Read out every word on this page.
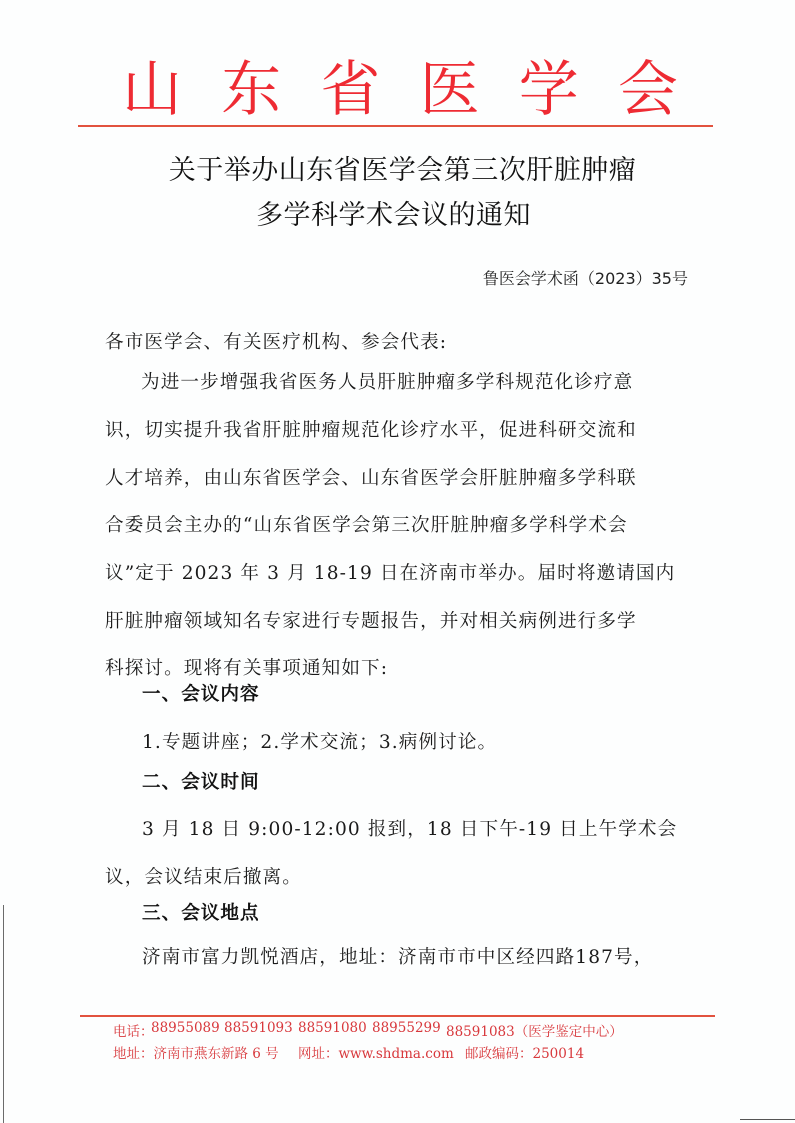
山 东 省 医 学 会
关于举办山东省医学会第三次肝脏肿瘤
多学科学术会议的通知
鲁医会学术函（2023）35号
各市医学会、有关医疗机构、参会代表:
为进一步增强我省医务人员肝脏肿瘤多学科规范化诊疗意
识，切实提升我省肝脏肿瘤规范化诊疗水平，促进科研交流和
人才培养，由山东省医学会、山东省医学会肝脏肿瘤多学科联
合委员会主办的“山东省医学会第三次肝脏肿瘤多学科学术会
议”定于 2023 年 3 月 18-19 日在济南市举办。届时将邀请国内
肝脏肿瘤领域知名专家进行专题报告，并对相关病例进行多学
科探讨。现将有关事项通知如下:
一、会议内容
1.专题讲座；2.学术交流；3.病例讨论。
二、会议时间
3 月 18 日 9:00-12:00 报到，18 日下午-19 日上午学术会
议，会议结束后撤离。
三、会议地点
济南市富力凯悦酒店，地址：济南市市中区经四路187号，
电话：
88955089 88591093 88591080 88955299 88591083（医学鉴定中心）
地址：济南市燕东新路 6 号 网址：www.shdma.com 邮政编码：250014
